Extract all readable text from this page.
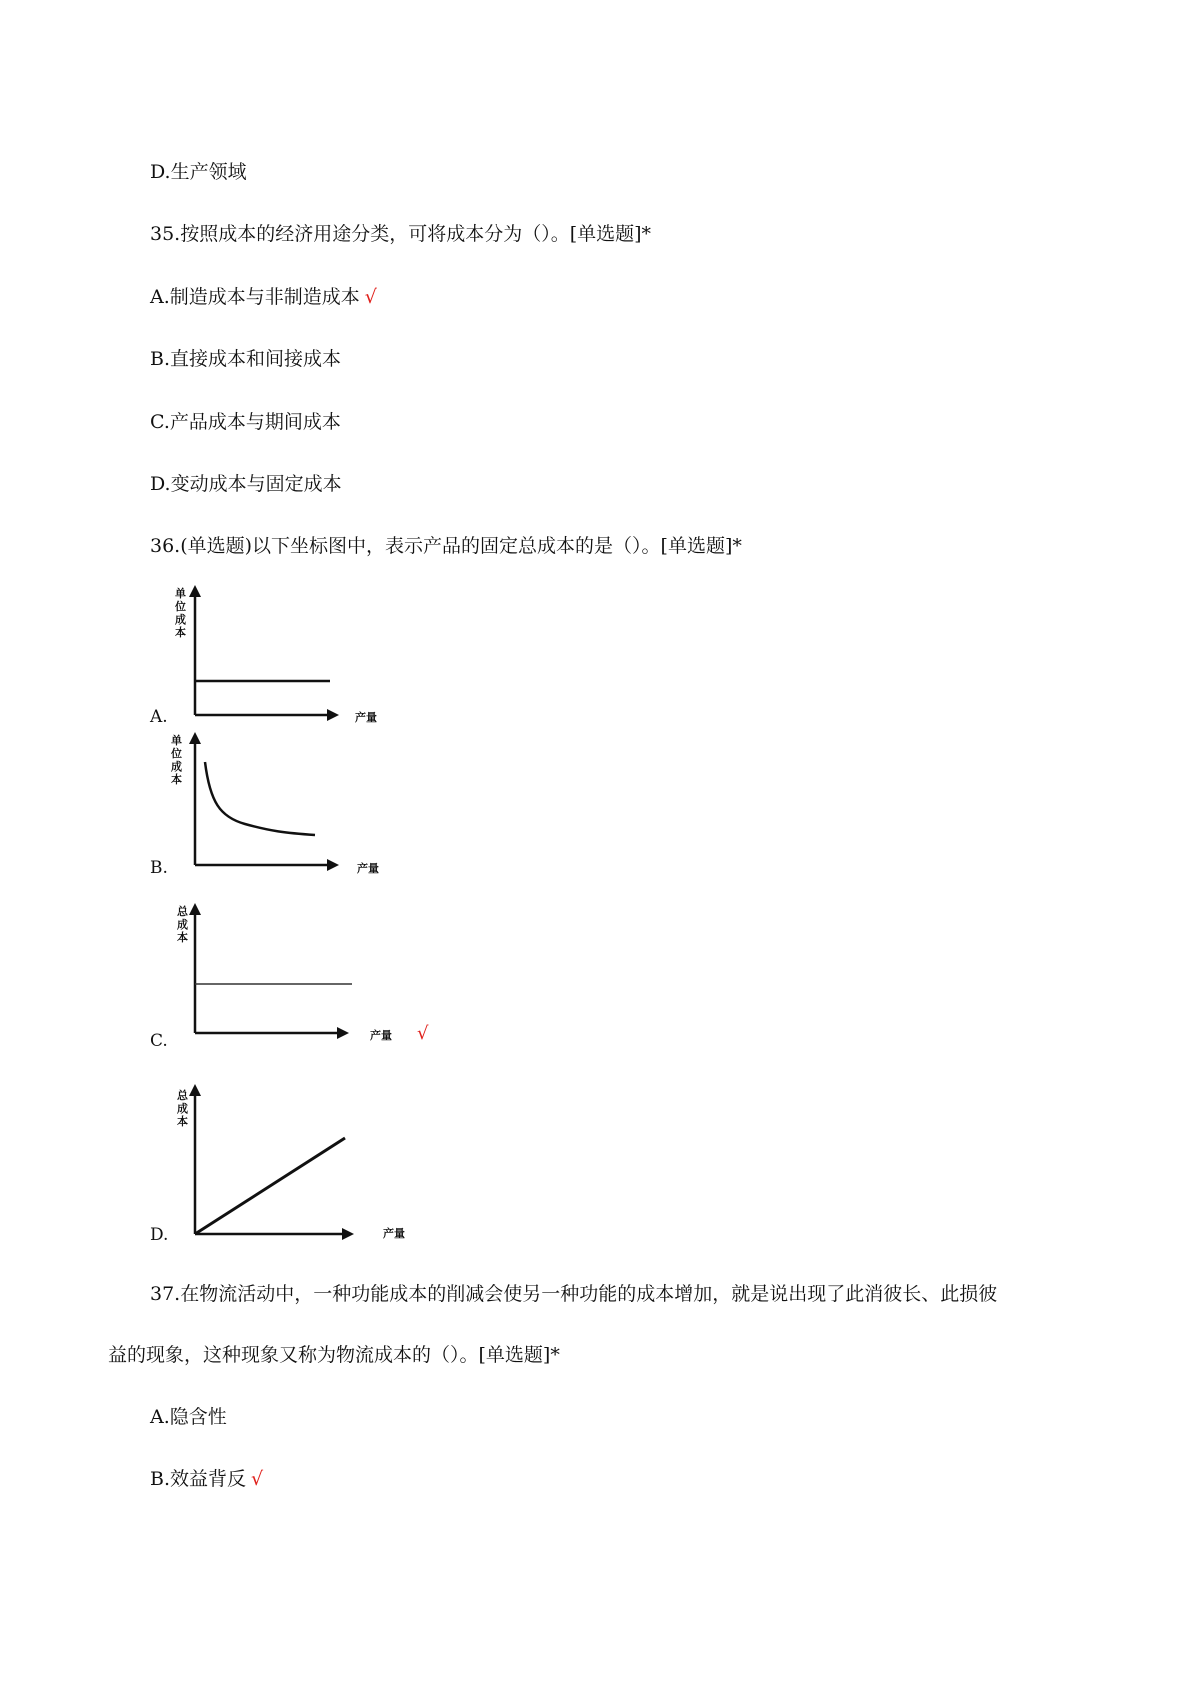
D.生产领域
35.按照成本的经济用途分类，可将成本分为（）。[单选题]*
A.制造成本与非制造成本 √
B.直接成本和间接成本
C.产品成本与期间成本
D.变动成本与固定成本
36.(单选题)以下坐标图中，表示产品的固定总成本的是（）。[单选题]*
单
位
成
本
产量
A.
单
位
成
本
产量
B.
总
成
本
产量 √
C.
总
成
本
产量
D.
37.在物流活动中，一种功能成本的削减会使另一种功能的成本增加，就是说出现了此消彼长、此损彼
益的现象，这种现象又称为物流成本的（）。[单选题]*
A.隐含性
B.效益背反 √
